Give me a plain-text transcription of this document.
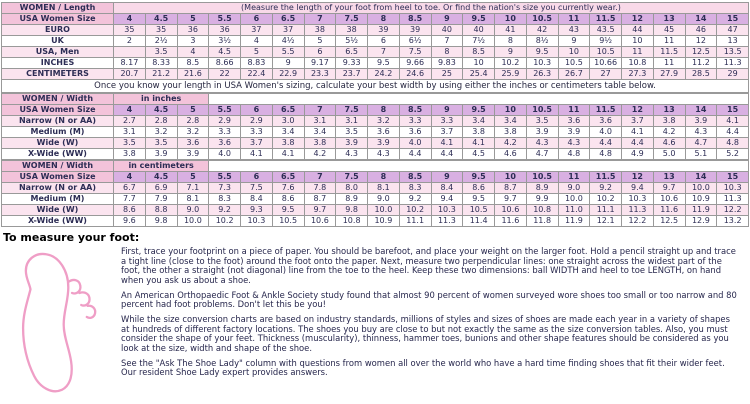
WOMEN / Length	(Measure the length of your foot from heel to toe. Or find the nation's size you currently wear.)																			
USA Women Size	4	4.5	5	5.5	6	6.5	7	7.5	8	8.5	9	9.5	10	10.5	11	11.5	12	13	14	15
EURO	35	35	36	36	37	37	38	38	39	39	40	40	41	42	43	43.5	44	45	46	47
UK	2	2½	3	3½	4	4½	5	5½	6	6½	7	7½	8	8½	9	9½	10	11	12	13
USA, Men		3.5	4	4.5	5	5.5	6	6.5	7	7.5	8	8.5	9	9.5	10	10.5	11	11.5	12.5	13.5
INCHES	8.17	8.33	8.5	8.66	8.83	9	9.17	9.33	9.5	9.66	9.83	10	10.2	10.3	10.5	10.66	10.8	11	11.2	11.3
CENTIMETERS	20.7	21.2	21.6	22	22.4	22.9	23.3	23.7	24.2	24.6	25	25.4	25.9	26.3	26.7	27	27.3	27.9	28.5	29
Once you know your length in USA Women's sizing, calculate your best width by using either the inches or centimeters table below.
WOMEN / Width	in inches																			
USA Women Size	4	4.5	5	5.5	6	6.5	7	7.5	8	8.5	9	9.5	10	10.5	11	11.5	12	13	14	15
Narrow (N or AA)	2.7	2.8	2.8	2.9	2.9	3.0	3.1	3.1	3.2	3.3	3.3	3.4	3.4	3.5	3.6	3.6	3.7	3.8	3.9	4.1
Medium (M)	3.1	3.2	3.2	3.3	3.3	3.4	3.4	3.5	3.6	3.6	3.7	3.8	3.8	3.9	3.9	4.0	4.1	4.2	4.3	4.4
Wide (W)	3.5	3.5	3.6	3.6	3.7	3.8	3.8	3.9	3.9	4.0	4.1	4.1	4.2	4.3	4.3	4.4	4.4	4.6	4.7	4.8
X-Wide (WW)	3.8	3.9	3.9	4.0	4.1	4.1	4.2	4.3	4.3	4.4	4.4	4.5	4.6	4.7	4.8	4.8	4.9	5.0	5.1	5.2
WOMEN / Width	in centimeters																			
USA Women Size	4	4.5	5	5.5	6	6.5	7	7.5	8	8.5	9	9.5	10	10.5	11	11.5	12	13	14	15
Narrow (N or AA)	6.7	6.9	7.1	7.3	7.5	7.6	7.8	8.0	8.1	8.3	8.4	8.6	8.7	8.9	9.0	9.2	9.4	9.7	10.0	10.3
Medium (M)	7.7	7.9	8.1	8.3	8.4	8.6	8.7	8.9	9.0	9.2	9.4	9.5	9.7	9.9	10.0	10.2	10.3	10.6	10.9	11.3
Wide (W)	8.6	8.8	9.0	9.2	9.3	9.5	9.7	9.8	10.0	10.2	10.3	10.5	10.6	10.8	11.0	11.1	11.3	11.6	11.9	12.2
X-Wide (WW)	9.6	9.8	10.0	10.2	10.3	10.5	10.6	10.8	10.9	11.1	11.3	11.4	11.6	11.8	11.9	12.1	12.2	12.5	12.9	13.2
To measure your foot:

First, trace your footprint on a piece of paper. You should be barefoot, and place your weight on the larger foot. Hold a pencil straight up and trace a tight line (close to the foot) around the foot onto the paper. Next, measure two perpendicular lines: one straight across the widest part of the foot, the other a straight (not diagonal) line from the toe to the heel. Keep these two dimensions: ball WIDTH and heel to toe LENGTH, on hand when you ask us about a shoe.

An American Orthopaedic Foot & Ankle Society study found that almost 90 percent of women surveyed wore shoes too small or too narrow and 80 percent had foot problems. Don't let this be you!

While the size conversion charts are based on industry standards, millions of styles and sizes of shoes are made each year in a variety of shapes at hundreds of different factory locations. The shoes you buy are close to but not exactly the same as the size conversion tables. Also, you must consider the shape of your feet. Thickness (muscularity), thinness, hammer toes, bunions and other shape features should be considered as you look at the size, width and shape of the shoe.

See the "Ask The Shoe Lady" column with questions from women all over the world who have a hard time finding shoes that fit their wider feet. Our resident Shoe Lady expert provides answers.
